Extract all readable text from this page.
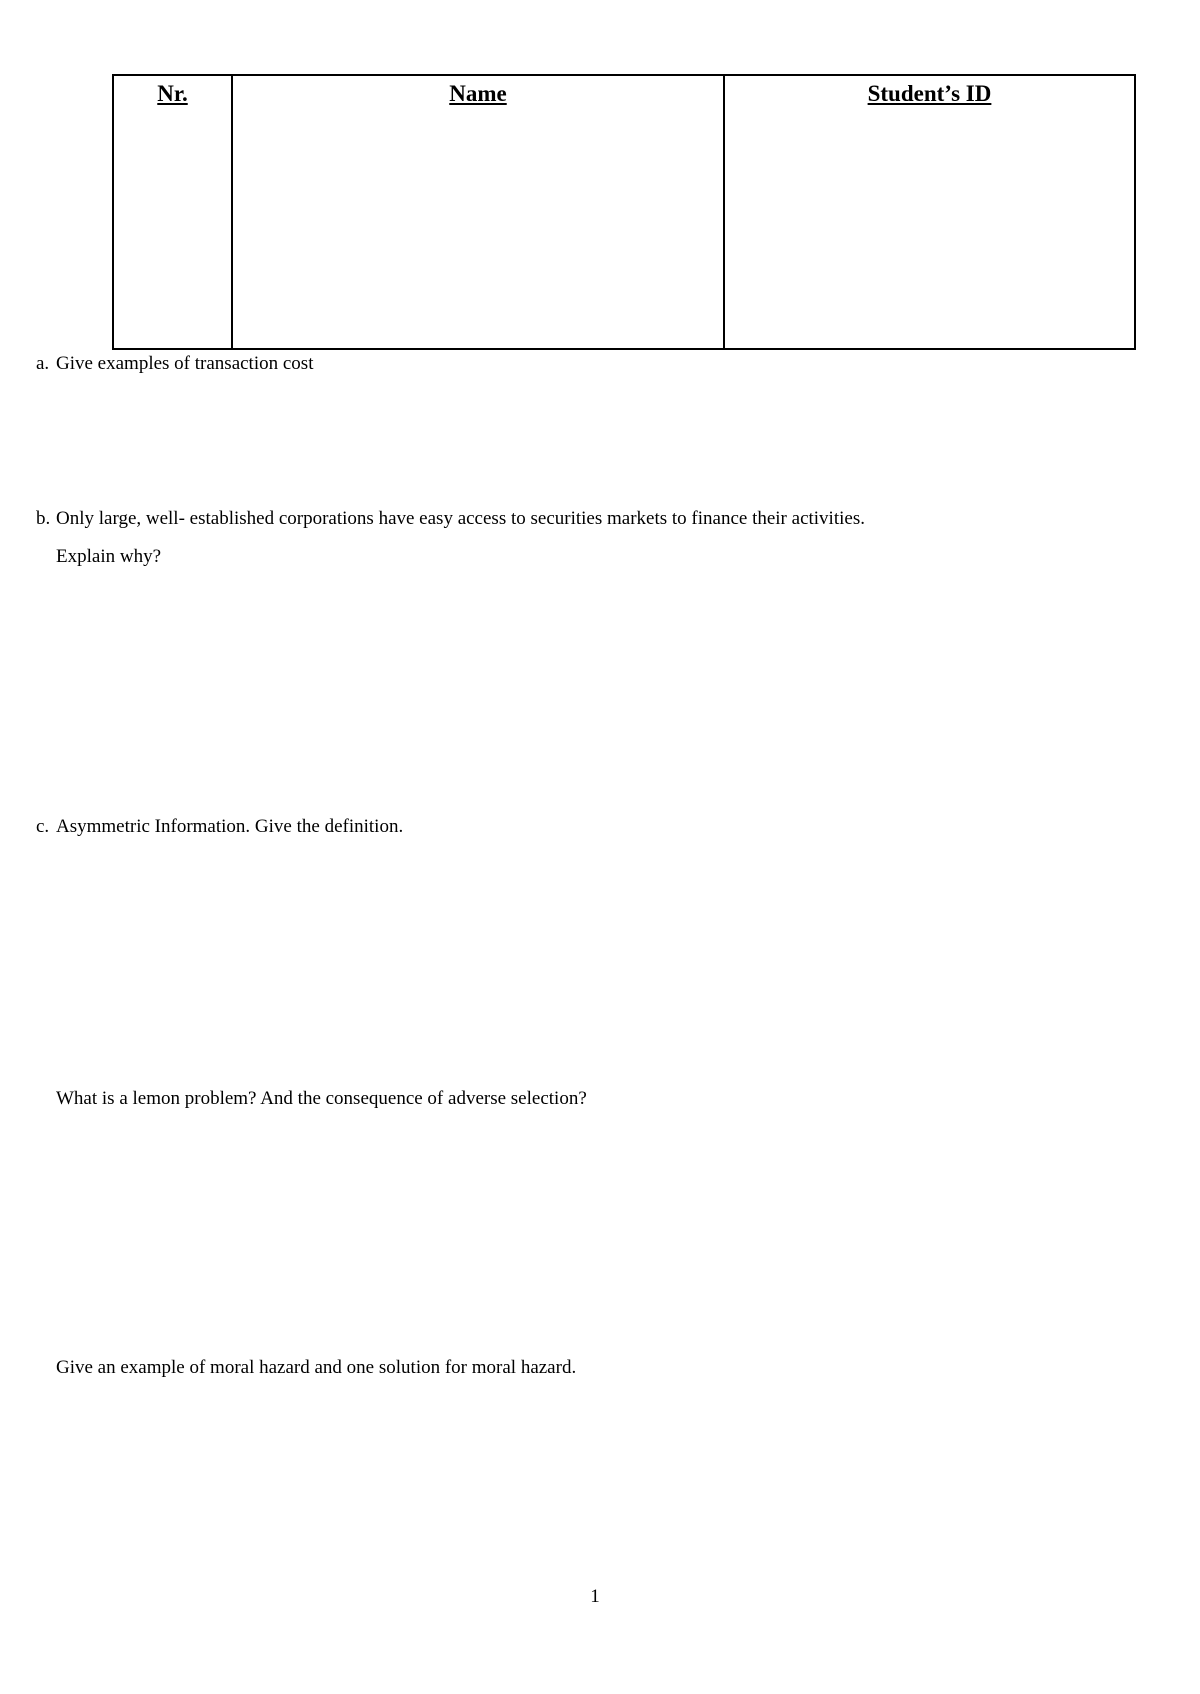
Nr.	Name	Student’s ID
a. Give examples of transaction cost
b. Only large, well- established corporations have easy access to securities markets to finance their activities.
Explain why?
c. Asymmetric Information. Give the definition.
What is a lemon problem? And the consequence of adverse selection?
Give an example of moral hazard and one solution for moral hazard.
1
